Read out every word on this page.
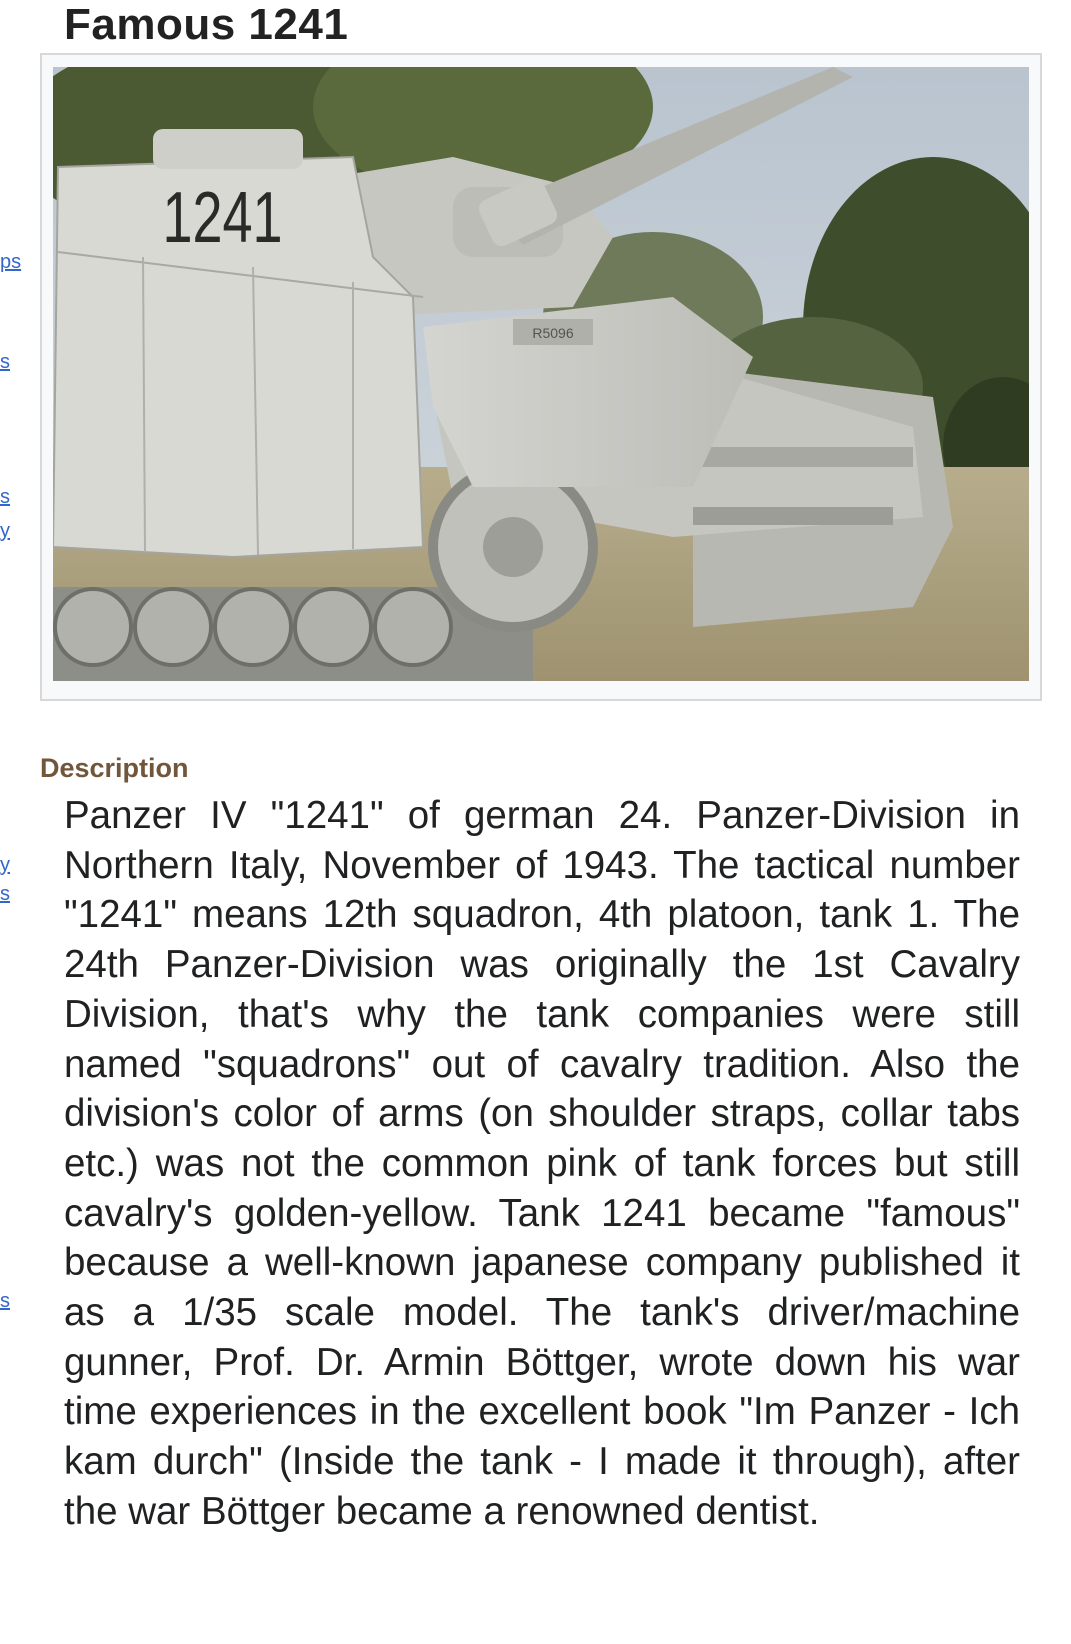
ps
s
s
y
y
s
s
Famous 1241
R5096
1241
Description

Panzer IV "1241" of german 24. Panzer-Division in Northern Italy, November of 1943. The tactical number "1241" means 12th squadron, 4th platoon, tank 1. The 24th Panzer-Division was originally the 1st Cavalry Division, that's why the tank companies were still named "squadrons" out of cavalry tradition. Also the division's color of arms (on shoulder straps, collar tabs etc.) was not the common pink of tank forces but still cavalry's golden-yellow. Tank 1241 became "famous" because a well-known japanese company published it as a 1/35 scale model. The tank's driver/machine gunner, Prof. Dr. Armin Böttger, wrote down his war time experiences in the excellent book "Im Panzer - Ich kam durch" (Inside the tank - I made it through), after the war Böttger became a renowned dentist.
